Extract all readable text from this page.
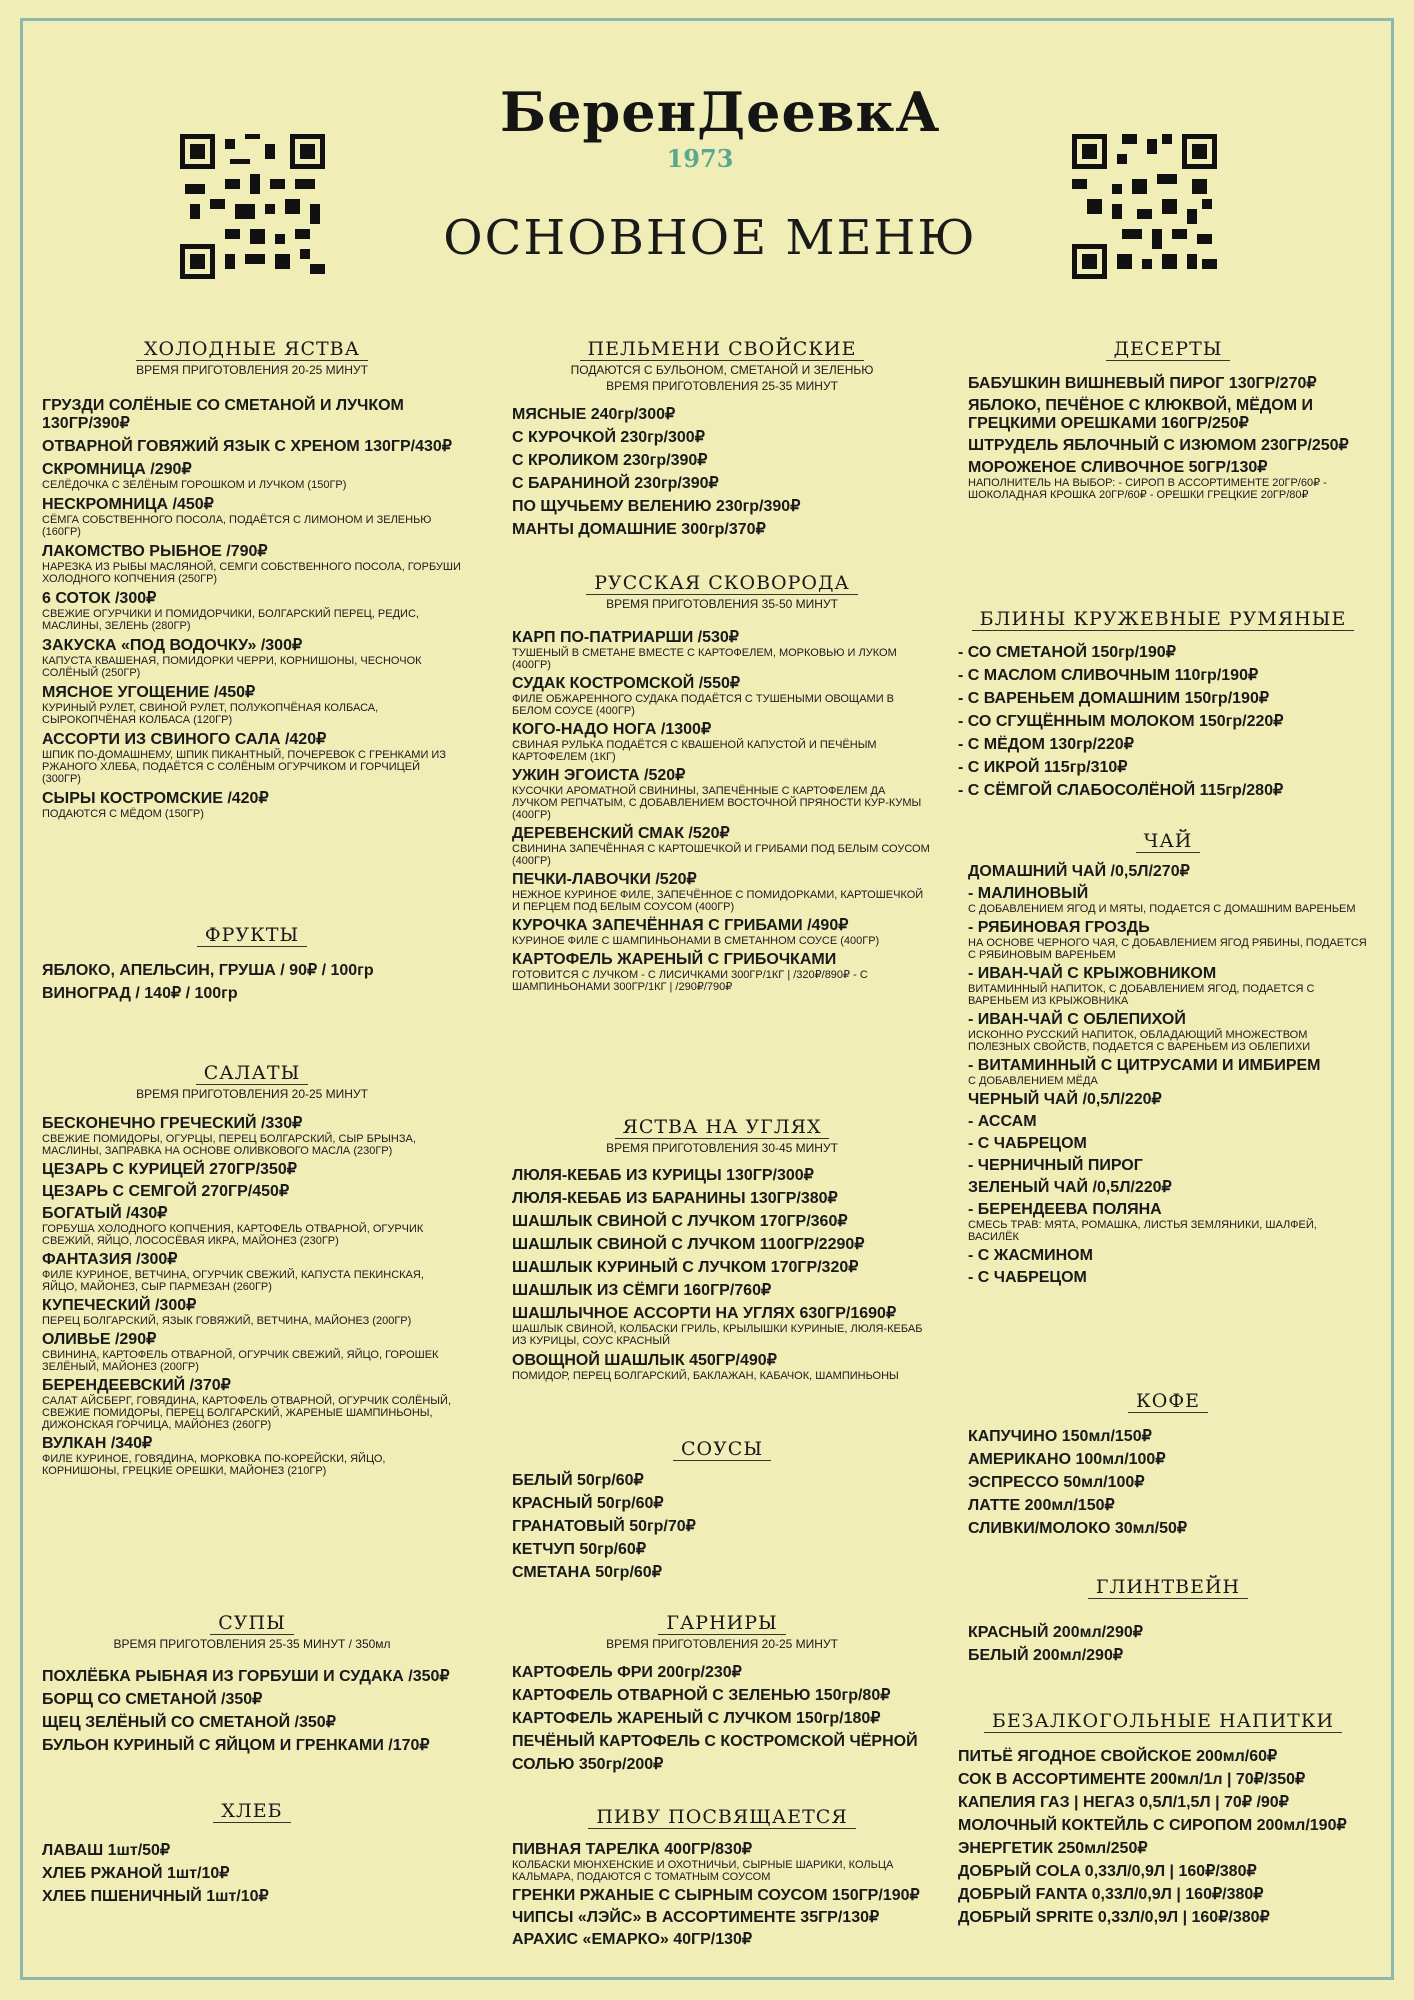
БеренДеевкА
1973
ОСНОВНОЕ МЕНЮ
ХОЛОДНЫЕ ЯСТВА
ВРЕМЯ ПРИГОТОВЛЕНИЯ 20-25 МИНУТ
ГРУЗДИ СОЛЁНЫЕ СО СМЕТАНОЙ И ЛУЧКОМ 130ГР/390₽
ОТВАРНОЙ ГОВЯЖИЙ ЯЗЫК С ХРЕНОМ 130ГР/430₽
СКРОМНИЦА /290₽
СЕЛЁДОЧКА С ЗЕЛЁНЫМ ГОРОШКОМ И ЛУЧКОМ (150ГР)
НЕСКРОМНИЦА /450₽
СЁМГА СОБСТВЕННОГО ПОСОЛА, ПОДАЁТСЯ С ЛИМОНОМ И ЗЕЛЕНЬЮ (160ГР)
ЛАКОМСТВО РЫБНОЕ /790₽
НАРЕЗКА ИЗ РЫБЫ МАСЛЯНОЙ, СЕМГИ СОБСТВЕННОГО ПОСОЛА, ГОРБУШИ ХОЛОДНОГО КОПЧЕНИЯ (250ГР)
6 СОТОК /300₽
СВЕЖИЕ ОГУРЧИКИ И ПОМИДОРЧИКИ, БОЛГАРСКИЙ ПЕРЕЦ, РЕДИС, МАСЛИНЫ, ЗЕЛЕНЬ (280ГР)
ЗАКУСКА «ПОД ВОДОЧКУ» /300₽
КАПУСТА КВАШЕНАЯ, ПОМИДОРКИ ЧЕРРИ, КОРНИШОНЫ, ЧЕСНОЧОК СОЛЁНЫЙ (250ГР)
МЯСНОЕ УГОЩЕНИЕ /450₽
КУРИНЫЙ РУЛЕТ, СВИНОЙ РУЛЕТ, ПОЛУКОПЧЁНАЯ КОЛБАСА, СЫРОКОПЧЁНАЯ КОЛБАСА (120ГР)
АССОРТИ ИЗ СВИНОГО САЛА /420₽
ШПИК ПО-ДОМАШНЕМУ, ШПИК ПИКАНТНЫЙ, ПОЧЕРЕВОК С ГРЕНКАМИ ИЗ РЖАНОГО ХЛЕБА, ПОДАЁТСЯ С СОЛЁНЫМ ОГУРЧИКОМ И ГОРЧИЦЕЙ (300ГР)
СЫРЫ КОСТРОМСКИЕ /420₽
ПОДАЮТСЯ С МЁДОМ (150ГР)
ФРУКТЫ
ЯБЛОКО, АПЕЛЬСИН, ГРУША / 90₽ / 100гр
ВИНОГРАД / 140₽ / 100гр
САЛАТЫ
ВРЕМЯ ПРИГОТОВЛЕНИЯ 20-25 МИНУТ
БЕСКОНЕЧНО ГРЕЧЕСКИЙ /330₽
СВЕЖИЕ ПОМИДОРЫ, ОГУРЦЫ, ПЕРЕЦ БОЛГАРСКИЙ, СЫР БРЫНЗА, МАСЛИНЫ, ЗАПРАВКА НА ОСНОВЕ ОЛИВКОВОГО МАСЛА (230ГР)
ЦЕЗАРЬ С КУРИЦЕЙ 270ГР/350₽
ЦЕЗАРЬ С СЕМГОЙ 270ГР/450₽
БОГАТЫЙ /430₽
ГОРБУША ХОЛОДНОГО КОПЧЕНИЯ, КАРТОФЕЛЬ ОТВАРНОЙ, ОГУРЧИК СВЕЖИЙ, ЯЙЦО, ЛОСОСЁВАЯ ИКРА, МАЙОНЕЗ (230ГР)
ФАНТАЗИЯ /300₽
ФИЛЕ КУРИНОЕ, ВЕТЧИНА, ОГУРЧИК СВЕЖИЙ, КАПУСТА ПЕКИНСКАЯ, ЯЙЦО, МАЙОНЕЗ, СЫР ПАРМЕЗАН (260ГР)
КУПЕЧЕСКИЙ /300₽
ПЕРЕЦ БОЛГАРСКИЙ, ЯЗЫК ГОВЯЖИЙ, ВЕТЧИНА, МАЙОНЕЗ (200ГР)
ОЛИВЬЕ /290₽
СВИНИНА, КАРТОФЕЛЬ ОТВАРНОЙ, ОГУРЧИК СВЕЖИЙ, ЯЙЦО, ГОРОШЕК ЗЕЛЁНЫЙ, МАЙОНЕЗ (200ГР)
БЕРЕНДЕЕВСКИЙ /370₽
САЛАТ АЙСБЕРГ, ГОВЯДИНА, КАРТОФЕЛЬ ОТВАРНОЙ, ОГУРЧИК СОЛЁНЫЙ, СВЕЖИЕ ПОМИДОРЫ, ПЕРЕЦ БОЛГАРСКИЙ, ЖАРЕНЫЕ ШАМПИНЬОНЫ, ДИЖОНСКАЯ ГОРЧИЦА, МАЙОНЕЗ (260ГР)
ВУЛКАН /340₽
ФИЛЕ КУРИНОЕ, ГОВЯДИНА, МОРКОВКА ПО-КОРЕЙСКИ, ЯЙЦО, КОРНИШОНЫ, ГРЕЦКИЕ ОРЕШКИ, МАЙОНЕЗ (210ГР)
СУПЫ
ВРЕМЯ ПРИГОТОВЛЕНИЯ 25-35 МИНУТ / 350мл
ПОХЛЁБКА РЫБНАЯ ИЗ ГОРБУШИ И СУДАКА /350₽
БОРЩ СО СМЕТАНОЙ /350₽
ЩЕЦ ЗЕЛЁНЫЙ СО СМЕТАНОЙ /350₽
БУЛЬОН КУРИНЫЙ С ЯЙЦОМ И ГРЕНКАМИ /170₽
ХЛЕБ
ЛАВАШ 1шт/50₽
ХЛЕБ РЖАНОЙ 1шт/10₽
ХЛЕБ ПШЕНИЧНЫЙ 1шт/10₽
ПЕЛЬМЕНИ СВОЙСКИЕ
ПОДАЮТСЯ С БУЛЬОНОМ, СМЕТАНОЙ И ЗЕЛЕНЬЮ
ВРЕМЯ ПРИГОТОВЛЕНИЯ 25-35 МИНУТ
МЯСНЫЕ 240гр/300₽
С КУРОЧКОЙ 230гр/300₽
С КРОЛИКОМ 230гр/390₽
С БАРАНИНОЙ 230гр/390₽
ПО ЩУЧЬЕМУ ВЕЛЕНИЮ 230гр/390₽
МАНТЫ ДОМАШНИЕ 300гр/370₽
РУССКАЯ СКОВОРОДА
ВРЕМЯ ПРИГОТОВЛЕНИЯ 35-50 МИНУТ
КАРП ПО-ПАТРИАРШИ /530₽
ТУШЕНЫЙ В СМЕТАНЕ ВМЕСТЕ С КАРТОФЕЛЕМ, МОРКОВЬЮ И ЛУКОМ (400ГР)
СУДАК КОСТРОМСКОЙ /550₽
ФИЛЕ ОБЖАРЕННОГО СУДАКА ПОДАЁТСЯ С ТУШЕНЫМИ ОВОЩАМИ В БЕЛОМ СОУСЕ (400ГР)
КОГО-НАДО НОГА /1300₽
СВИНАЯ РУЛЬКА ПОДАЁТСЯ С КВАШЕНОЙ КАПУСТОЙ И ПЕЧЁНЫМ КАРТОФЕЛЕМ (1КГ)
УЖИН ЭГОИСТА /520₽
КУСОЧКИ АРОМАТНОЙ СВИНИНЫ, ЗАПЕЧЁННЫЕ С КАРТОФЕЛЕМ ДА ЛУЧКОМ РЕПЧАТЫМ, С ДОБАВЛЕНИЕМ ВОСТОЧНОЙ ПРЯНОСТИ КУР-КУМЫ (400ГР)
ДЕРЕВЕНСКИЙ СМАК /520₽
СВИНИНА ЗАПЕЧЁННАЯ С КАРТОШЕЧКОЙ И ГРИБАМИ ПОД БЕЛЫМ СОУСОМ (400ГР)
ПЕЧКИ-ЛАВОЧКИ /520₽
НЕЖНОЕ КУРИНОЕ ФИЛЕ, ЗАПЕЧЁННОЕ С ПОМИДОРКАМИ, КАРТОШЕЧКОЙ И ПЕРЦЕМ ПОД БЕЛЫМ СОУСОМ (400ГР)
КУРОЧКА ЗАПЕЧЁННАЯ С ГРИБАМИ /490₽
КУРИНОЕ ФИЛЕ С ШАМПИНЬОНАМИ В СМЕТАННОМ СОУСЕ (400ГР)
КАРТОФЕЛЬ ЖАРЕНЫЙ С ГРИБОЧКАМИ
ГОТОВИТСЯ С ЛУЧКОМ - С ЛИСИЧКАМИ 300ГР/1КГ | /320₽/890₽ - С ШАМПИНЬОНАМИ 300ГР/1КГ | /290₽/790₽
ЯСТВА НА УГЛЯХ
ВРЕМЯ ПРИГОТОВЛЕНИЯ 30-45 МИНУТ
ЛЮЛЯ-КЕБАБ ИЗ КУРИЦЫ 130ГР/300₽
ЛЮЛЯ-КЕБАБ ИЗ БАРАНИНЫ 130ГР/380₽
ШАШЛЫК СВИНОЙ С ЛУЧКОМ 170ГР/360₽
ШАШЛЫК СВИНОЙ С ЛУЧКОМ 1100ГР/2290₽
ШАШЛЫК КУРИНЫЙ С ЛУЧКОМ 170ГР/320₽
ШАШЛЫК ИЗ СЁМГИ 160ГР/760₽
ШАШЛЫЧНОЕ АССОРТИ НА УГЛЯХ 630ГР/1690₽
ШАШЛЫК СВИНОЙ, КОЛБАСКИ ГРИЛЬ, КРЫЛЫШКИ КУРИНЫЕ, ЛЮЛЯ-КЕБАБ ИЗ КУРИЦЫ, СОУС КРАСНЫЙ
ОВОЩНОЙ ШАШЛЫК 450ГР/490₽
ПОМИДОР, ПЕРЕЦ БОЛГАРСКИЙ, БАКЛАЖАН, КАБАЧОК, ШАМПИНЬОНЫ
СОУСЫ
БЕЛЫЙ 50гр/60₽
КРАСНЫЙ 50гр/60₽
ГРАНАТОВЫЙ 50гр/70₽
КЕТЧУП 50гр/60₽
СМЕТАНА 50гр/60₽
ГАРНИРЫ
ВРЕМЯ ПРИГОТОВЛЕНИЯ 20-25 МИНУТ
КАРТОФЕЛЬ ФРИ 200гр/230₽
КАРТОФЕЛЬ ОТВАРНОЙ С ЗЕЛЕНЬЮ 150гр/80₽
КАРТОФЕЛЬ ЖАРЕНЫЙ С ЛУЧКОМ 150гр/180₽
ПЕЧЁНЫЙ КАРТОФЕЛЬ С КОСТРОМСКОЙ ЧЁРНОЙ СОЛЬЮ 350гр/200₽
ПИВУ ПОСВЯЩАЕТСЯ
ПИВНАЯ ТАРЕЛКА 400ГР/830₽
КОЛБАСКИ МЮНХЕНСКИЕ И ОХОТНИЧЬИ, СЫРНЫЕ ШАРИКИ, КОЛЬЦА КАЛЬМАРА, ПОДАЮТСЯ С ТОМАТНЫМ СОУСОМ
ГРЕНКИ РЖАНЫЕ С СЫРНЫМ СОУСОМ 150ГР/190₽
ЧИПСЫ «ЛЭЙС» В АССОРТИМЕНТЕ 35ГР/130₽
АРАХИС «ЕМАРКО» 40ГР/130₽
ДЕСЕРТЫ
БАБУШКИН ВИШНЕВЫЙ ПИРОГ 130ГР/270₽
ЯБЛОКО, ПЕЧЁНОЕ С КЛЮКВОЙ, МЁДОМ И ГРЕЦКИМИ ОРЕШКАМИ 160ГР/250₽
ШТРУДЕЛЬ ЯБЛОЧНЫЙ С ИЗЮМОМ 230ГР/250₽
МОРОЖЕНОЕ СЛИВОЧНОЕ 50ГР/130₽
НАПОЛНИТЕЛЬ НА ВЫБОР: - СИРОП В АССОРТИМЕНТЕ 20ГР/60₽ - ШОКОЛАДНАЯ КРОШКА 20ГР/60₽ - ОРЕШКИ ГРЕЦКИЕ 20ГР/80₽
БЛИНЫ КРУЖЕВНЫЕ РУМЯНЫЕ
- СО СМЕТАНОЙ 150гр/190₽
- С МАСЛОМ СЛИВОЧНЫМ 110гр/190₽
- С ВАРЕНЬЕМ ДОМАШНИМ 150гр/190₽
- СО СГУЩЁННЫМ МОЛОКОМ 150гр/220₽
- С МЁДОМ 130гр/220₽
- С ИКРОЙ 115гр/310₽
- С СЁМГОЙ СЛАБОСОЛЁНОЙ 115гр/280₽
ЧАЙ
ДОМАШНИЙ ЧАЙ /0,5Л/270₽
- МАЛИНОВЫЙ
С ДОБАВЛЕНИЕМ ЯГОД И МЯТЫ, ПОДАЕТСЯ С ДОМАШНИМ ВАРЕНЬЕМ
- РЯБИНОВАЯ ГРОЗДЬ
НА ОСНОВЕ ЧЕРНОГО ЧАЯ, С ДОБАВЛЕНИЕМ ЯГОД РЯБИНЫ, ПОДАЕТСЯ С РЯБИНОВЫМ ВАРЕНЬЕМ
- ИВАН-ЧАЙ С КРЫЖОВНИКОМ
ВИТАМИННЫЙ НАПИТОК, С ДОБАВЛЕНИЕМ ЯГОД, ПОДАЕТСЯ С ВАРЕНЬЕМ ИЗ КРЫЖОВНИКА
- ИВАН-ЧАЙ С ОБЛЕПИХОЙ
ИСКОННО РУССКИЙ НАПИТОК, ОБЛАДАЮЩИЙ МНОЖЕСТВОМ ПОЛЕЗНЫХ СВОЙСТВ, ПОДАЕТСЯ С ВАРЕНЬЕМ ИЗ ОБЛЕПИХИ
- ВИТАМИННЫЙ С ЦИТРУСАМИ И ИМБИРЕМ
С ДОБАВЛЕНИЕМ МЁДА
ЧЕРНЫЙ ЧАЙ /0,5Л/220₽
- АССАМ
- С ЧАБРЕЦОМ
- ЧЕРНИЧНЫЙ ПИРОГ
ЗЕЛЕНЫЙ ЧАЙ /0,5Л/220₽
- БЕРЕНДЕЕВА ПОЛЯНА
СМЕСЬ ТРАВ: МЯТА, РОМАШКА, ЛИСТЬЯ ЗЕМЛЯНИКИ, ШАЛФЕЙ, ВАСИЛЁК
- С ЖАСМИНОМ
- С ЧАБРЕЦОМ
КОФЕ
КАПУЧИНО 150мл/150₽
АМЕРИКАНО 100мл/100₽
ЭСПРЕССО 50мл/100₽
ЛАТТЕ 200мл/150₽
СЛИВКИ/МОЛОКО 30мл/50₽
ГЛИНТВЕЙН
КРАСНЫЙ 200мл/290₽
БЕЛЫЙ 200мл/290₽
БЕЗАЛКОГОЛЬНЫЕ НАПИТКИ
ПИТЬЁ ЯГОДНОЕ СВОЙСКОЕ 200мл/60₽
СОК В АССОРТИМЕНТЕ 200мл/1л | 70₽/350₽
КАПЕЛИЯ ГАЗ | НЕГАЗ 0,5Л/1,5Л | 70₽ /90₽
МОЛОЧНЫЙ КОКТЕЙЛЬ С СИРОПОМ 200мл/190₽
ЭНЕРГЕТИК 250мл/250₽
ДОБРЫЙ COLA 0,33Л/0,9Л | 160₽/380₽
ДОБРЫЙ FANTA 0,33Л/0,9Л | 160₽/380₽
ДОБРЫЙ SPRITE 0,33Л/0,9Л | 160₽/380₽
